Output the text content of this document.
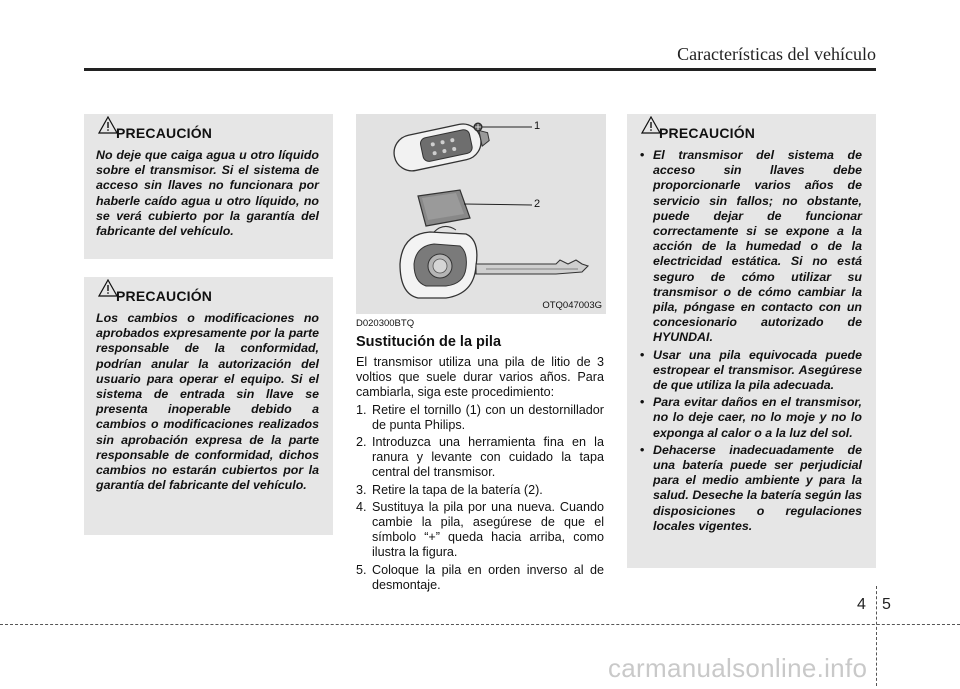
Características del vehículo
PRECAUCIÓN

No deje que caiga agua u otro líquido sobre el transmisor. Si el sistema de acceso sin llaves no funcionara por haberle caído agua u otro líquido, no se verá cubierto por la garantía del fabricante del vehículo.

PRECAUCIÓN

Los cambios o modificaciones no aprobados expresamente por la parte responsable de la conformidad, podrían anular la autorización del usuario para operar el equipo. Si el sistema de entrada sin llave se presenta inoperable debido a cambios o modificaciones realizados sin aprobación expresa de la parte responsable de conformidad, dichos cambios no estarán cubiertos por la garantía del fabricante del vehículo.

1
2
OTQ047003G
D020300BTQ
Sustitución de la pila

El transmisor utiliza una pila de litio de 3 voltios que suele durar varios años. Para cambiarla, siga este procedimiento:

1. Retire el tornillo (1) con un destornillador de punta Philips.
2. Introduzca una herramienta fina en la ranura y levante con cuidado la tapa central del transmisor.
3. Retire la tapa de la batería (2).
4. Sustituya la pila por una nueva. Cuando cambie la pila, asegúrese de que el símbolo “+” queda hacia arriba, como ilustra la figura.
5. Coloque la pila en orden inverso al de desmontaje.
PRECAUCIÓN
• El transmisor del sistema de acceso sin llaves debe proporcionarle varios años de servicio sin fallos; no obstante, puede dejar de funcionar correctamente si se expone a la acción de la humedad o de la electricidad estática. Si no está seguro de cómo utilizar su transmisor o de cómo cambiar la pila, póngase en contacto con un concesionario autorizado de HYUNDAI.
• Usar una pila equivocada puede estropear el transmisor. Asegúrese de que utiliza la pila adecuada.
• Para evitar daños en el transmisor, no lo deje caer, no lo moje y no lo exponga al calor o a la luz del sol.
• Dehacerse inadecuadamente de una batería puede ser perjudicial para el medio ambiente y para la salud. Deseche la batería según las disposiciones o regulaciones locales vigentes.
4 5
carmanualsonline.info
